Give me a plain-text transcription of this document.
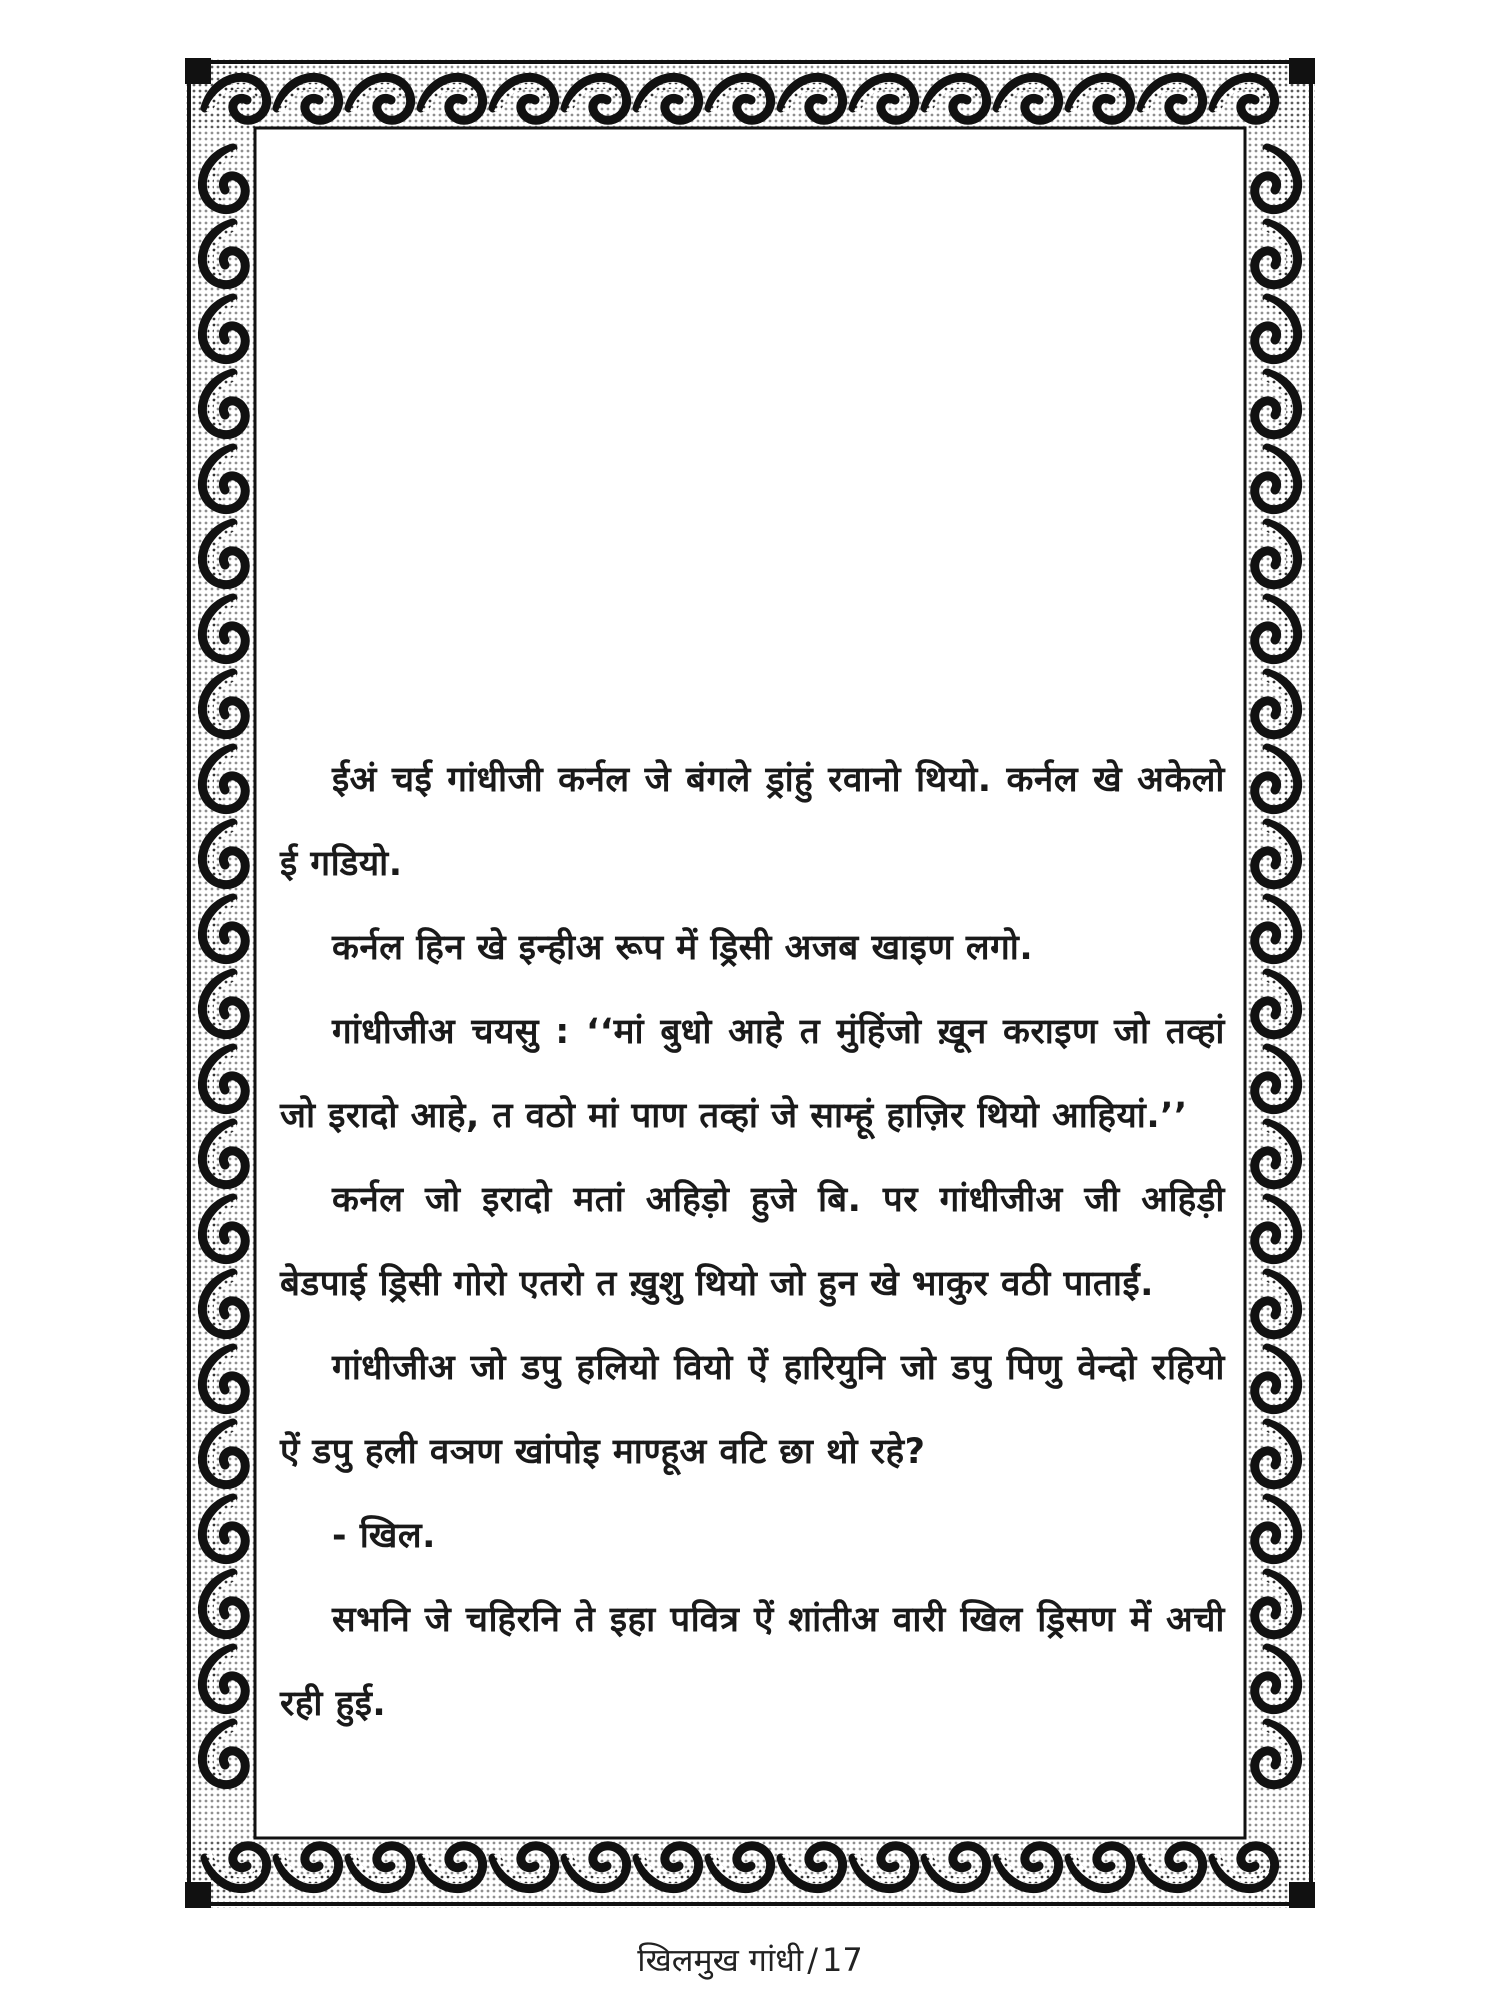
ईअं चई गांधीजी कर्नल जे बंगले ड्रांहुं रवानो थियो. कर्नल खे अकेलो ई गडियो.

कर्नल हिन खे इन्हीअ रूप में ड्रिसी अजब खाइण लगो.

गांधीजीअ चयसु : ‘‘मां बुधो आहे त मुंहिंजो ख़ून कराइण जो तव्हां जो इरादो आहे, त वठो मां पाण तव्हां जे साम्हूं हाज़िर थियो आहियां.’’

कर्नल जो इरादो मतां अहिड़ो हुजे बि. पर गांधीजीअ जी अहिड़ी बेडपाई ड्रिसी गोरो एतरो त ख़ुशु थियो जो हुन खे भाकुर वठी पाताईं.

गांधीजीअ जो डपु हलियो वियो ऐं हारियुनि जो डपु पिणु वेन्दो रहियो ऐं डपु हली वञण खांपोइ माण्हूअ वटि छा थो रहे?

- खिल.

सभनि जे चहिरनि ते इहा पवित्र ऐं शांतीअ वारी खिल ड्रिसण में अची रही हुई.

खिलमुख गांधी / 17
